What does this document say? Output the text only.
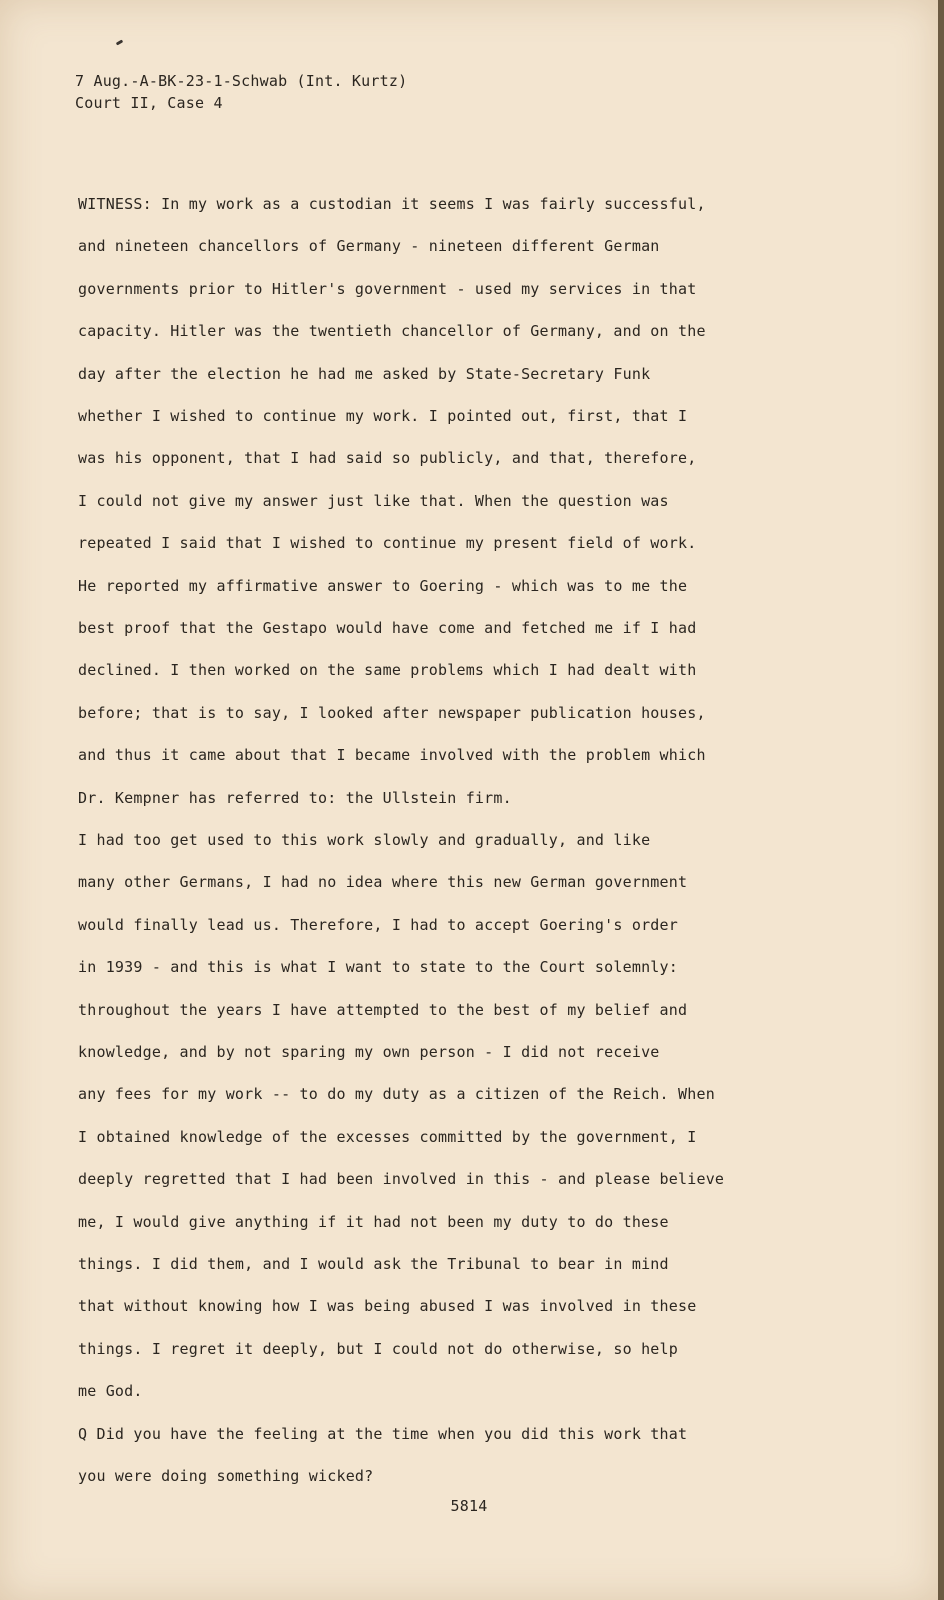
7 Aug.-A-BK-23-1-Schwab (Int. Kurtz)
Court II, Case 4
WITNESS: In my work as a custodian it seems I was fairly successful,
and nineteen chancellors of Germany - nineteen different German
governments prior to Hitler's government - used my services in that
capacity. Hitler was the twentieth chancellor of Germany, and on the
day after the election he had me asked by State-Secretary Funk
whether I wished to continue my work. I pointed out, first, that I
was his opponent, that I had said so publicly, and that, therefore,
I could not give my answer just like that. When the question was
repeated I said that I wished to continue my present field of work.
He reported my affirmative answer to Goering - which was to me the
best proof that the Gestapo would have come and fetched me if I had
declined. I then worked on the same problems which I had dealt with
before; that is to say, I looked after newspaper publication houses,
and thus it came about that I became involved with the problem which
Dr. Kempner has referred to: the Ullstein firm.
I had too get used to this work slowly and gradually, and like
many other Germans, I had no idea where this new German government
would finally lead us. Therefore, I had to accept Goering's order
in 1939 - and this is what I want to state to the Court solemnly:
throughout the years I have attempted to the best of my belief and
knowledge, and by not sparing my own person - I did not receive
any fees for my work -- to do my duty as a citizen of the Reich. When
I obtained knowledge of the excesses committed by the government, I
deeply regretted that I had been involved in this - and please believe
me, I would give anything if it had not been my duty to do these
things. I did them, and I would ask the Tribunal to bear in mind
that without knowing how I was being abused I was involved in these
things. I regret it deeply, but I could not do otherwise, so help
me God.
Q Did you have the feeling at the time when you did this work that
you were doing something wicked?
5814
